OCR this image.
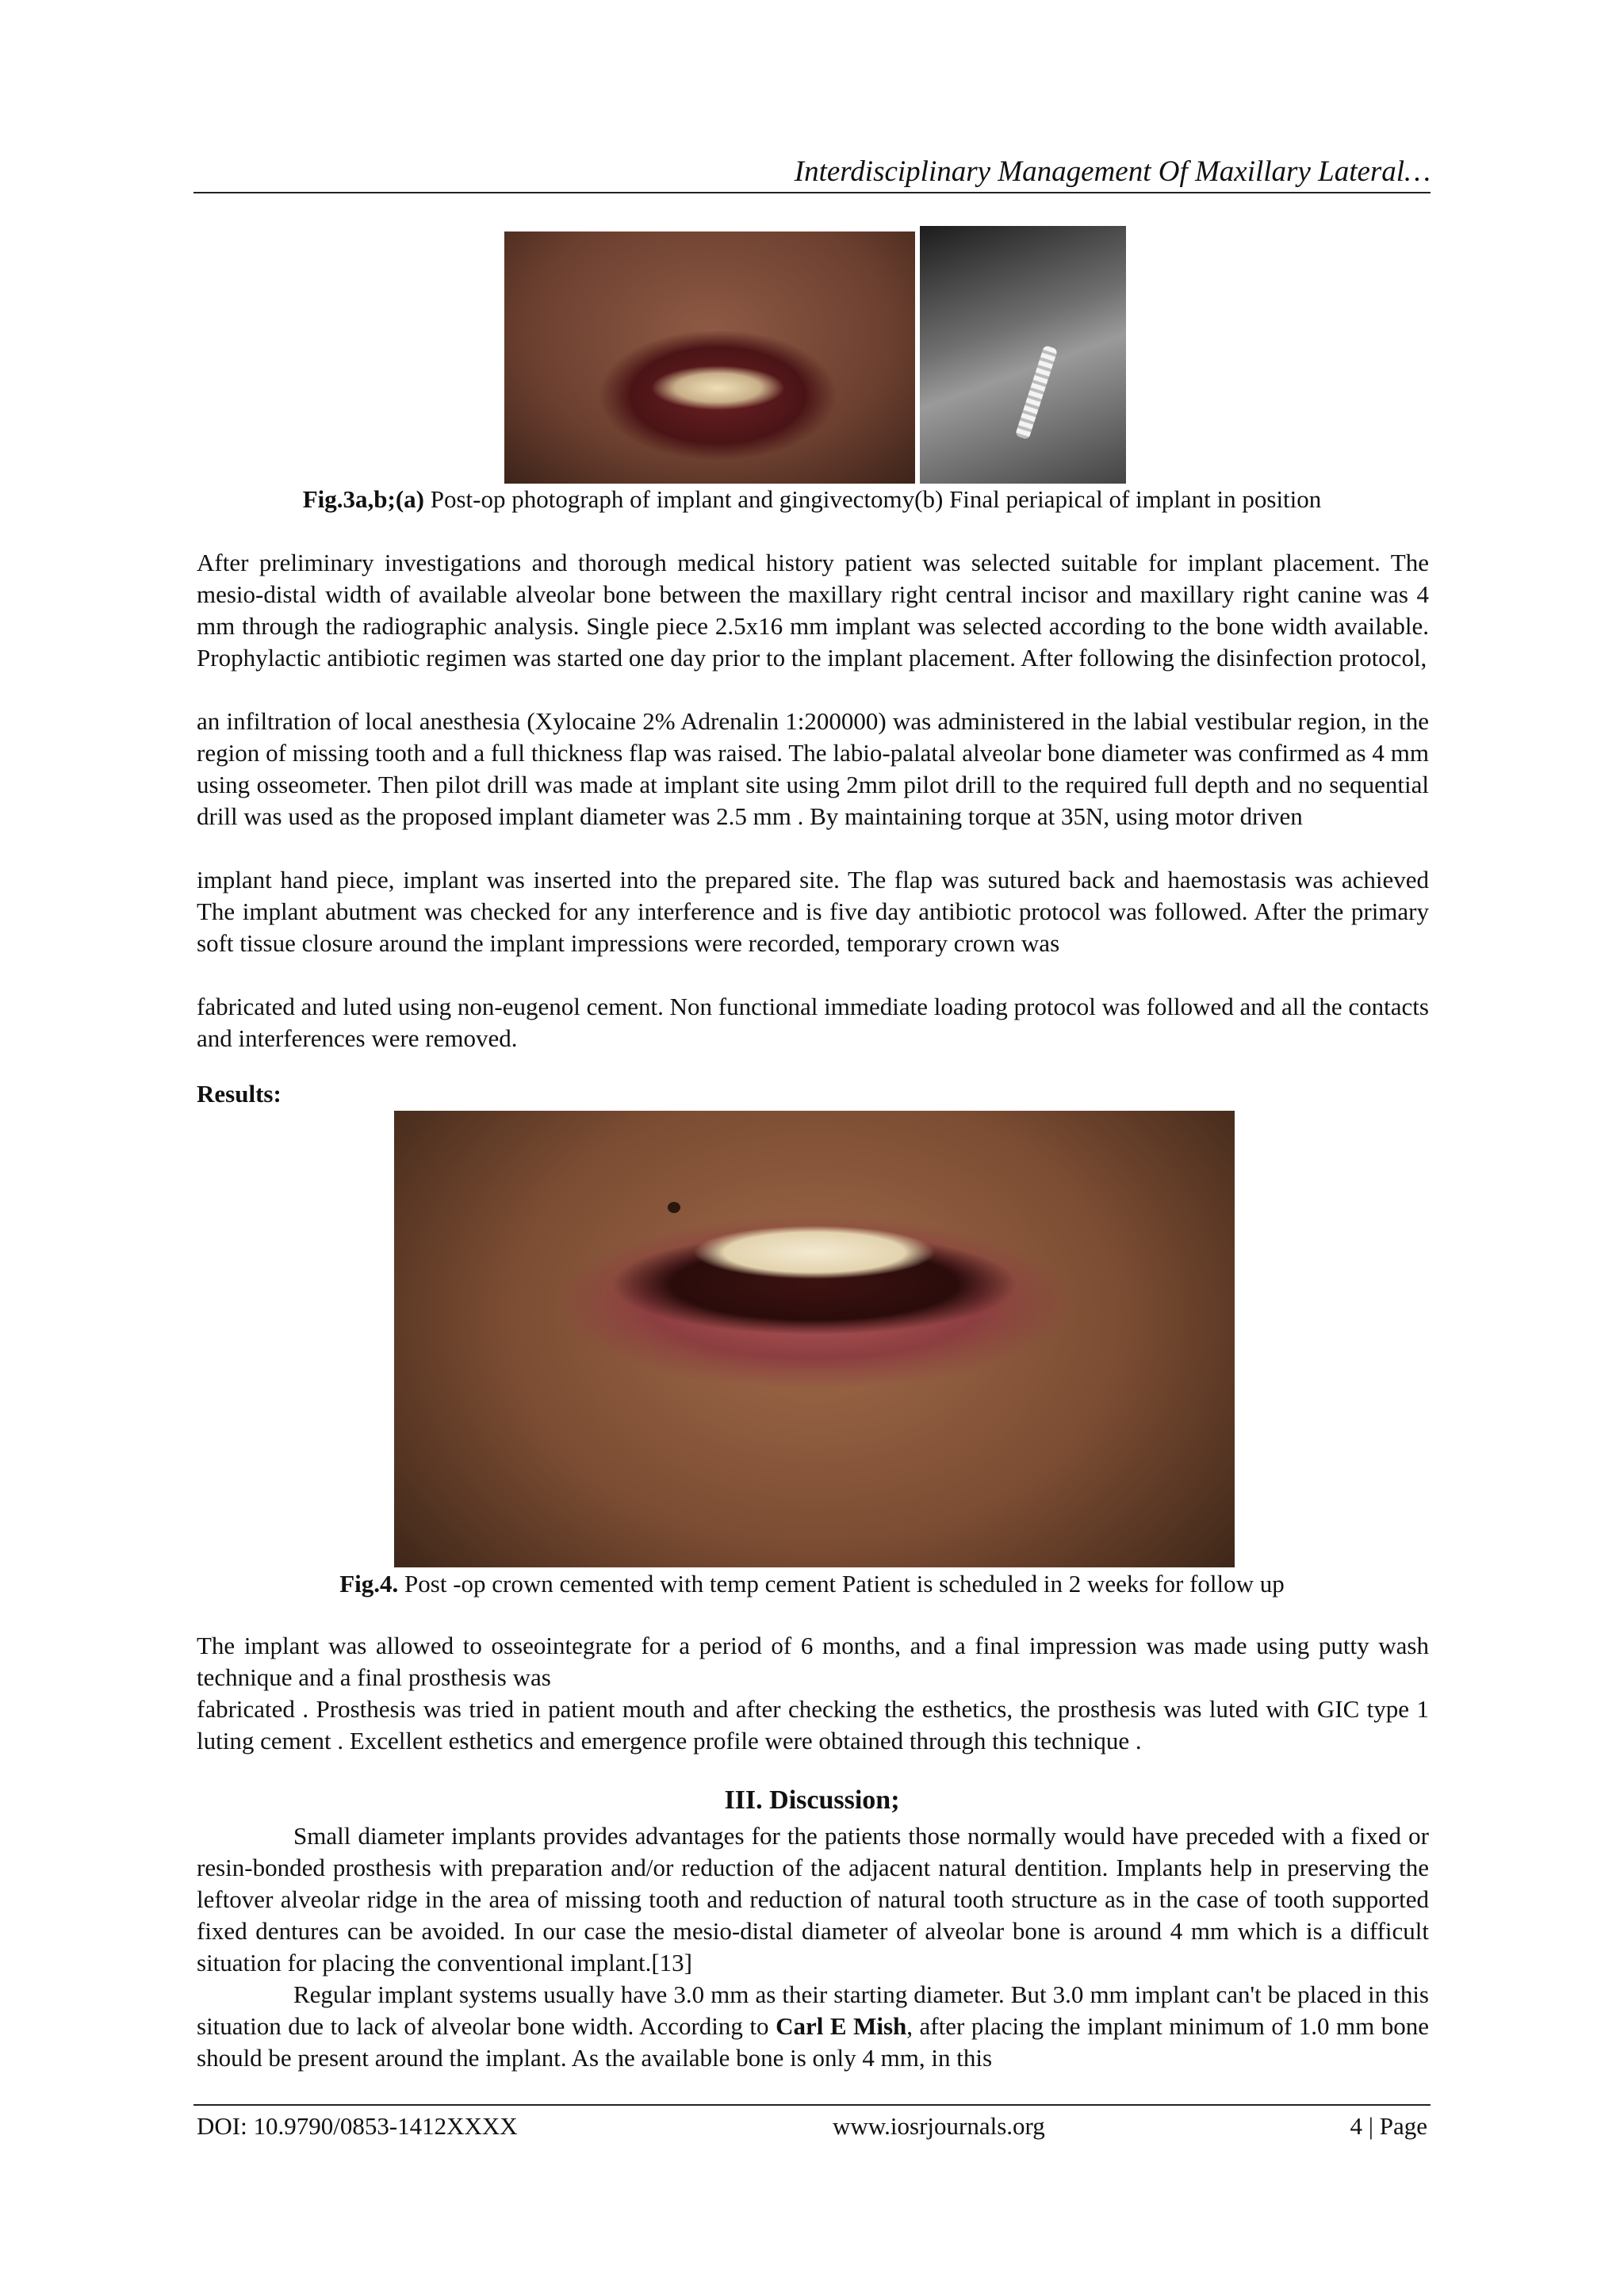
Interdisciplinary Management Of Maxillary Lateral…
Fig.3a,b;(a) Post-op photograph of implant and gingivectomy(b) Final periapical of implant in position

After preliminary investigations and thorough medical history patient was selected suitable for implant placement. The mesio-distal width of available alveolar bone between the maxillary right central incisor and maxillary right canine was 4 mm through the radiographic analysis. Single piece 2.5x16 mm implant was selected according to the bone width available. Prophylactic antibiotic regimen was started one day prior to the implant placement. After following the disinfection protocol,

an infiltration of local anesthesia (Xylocaine 2% Adrenalin 1:200000) was administered in the labial vestibular region, in the region of missing tooth and a full thickness flap was raised. The labio-palatal alveolar bone diameter was confirmed as 4 mm using osseometer. Then pilot drill was made at implant site using 2mm pilot drill to the required full depth and no sequential drill was used as the proposed implant diameter was 2.5 mm . By maintaining torque at 35N, using motor driven

implant hand piece, implant was inserted into the prepared site. The flap was sutured back and haemostasis was achieved The implant abutment was checked for any interference and is five day antibiotic protocol was followed. After the primary soft tissue closure around the implant impressions were recorded, temporary crown was

fabricated and luted using non-eugenol cement. Non functional immediate loading protocol was followed and all the contacts and interferences were removed.

Results:
Fig.4. Post -op crown cemented with temp cement Patient is scheduled in 2 weeks for follow up

The implant was allowed to osseointegrate for a period of 6 months, and a final impression was made using putty wash technique and a final prosthesis was

fabricated . Prosthesis was tried in patient mouth and after checking the esthetics, the prosthesis was luted with GIC type 1 luting cement . Excellent esthetics and emergence profile were obtained through this technique .

III. Discussion;

Small diameter implants provides advantages for the patients those normally would have preceded with a fixed or resin-bonded prosthesis with preparation and/or reduction of the adjacent natural dentition. Implants help in preserving the leftover alveolar ridge in the area of missing tooth and reduction of natural tooth structure as in the case of tooth supported fixed dentures can be avoided. In our case the mesio-distal diameter of alveolar bone is around 4 mm which is a difficult situation for placing the conventional implant.[13]

Regular implant systems usually have 3.0 mm as their starting diameter. But 3.0 mm implant can't be placed in this situation due to lack of alveolar bone width. According to Carl E Mish, after placing the implant minimum of 1.0 mm bone should be present around the implant. As the available bone is only 4 mm, in this

DOI: 10.9790/0853-1412XXXX	www.iosrjournals.org	4 | Page
